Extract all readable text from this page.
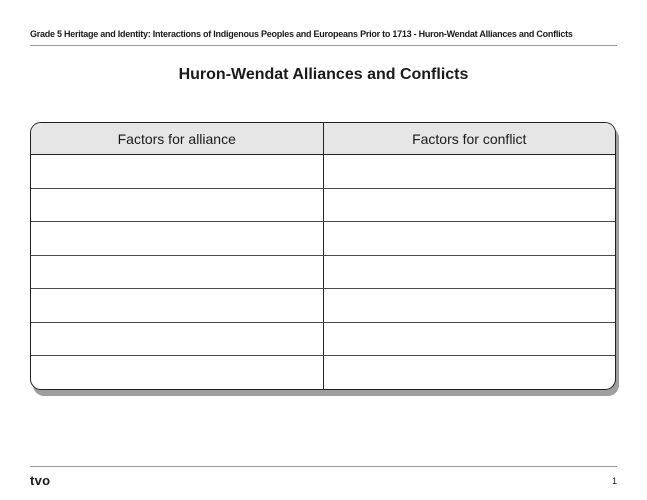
Grade 5 Heritage and Identity: Interactions of Indigenous Peoples and Europeans Prior to 1713 - Huron-Wendat Alliances and Conflicts
Huron-Wendat Alliances and Conflicts
Factors for alliance	Factors for conflict
tvo	1
